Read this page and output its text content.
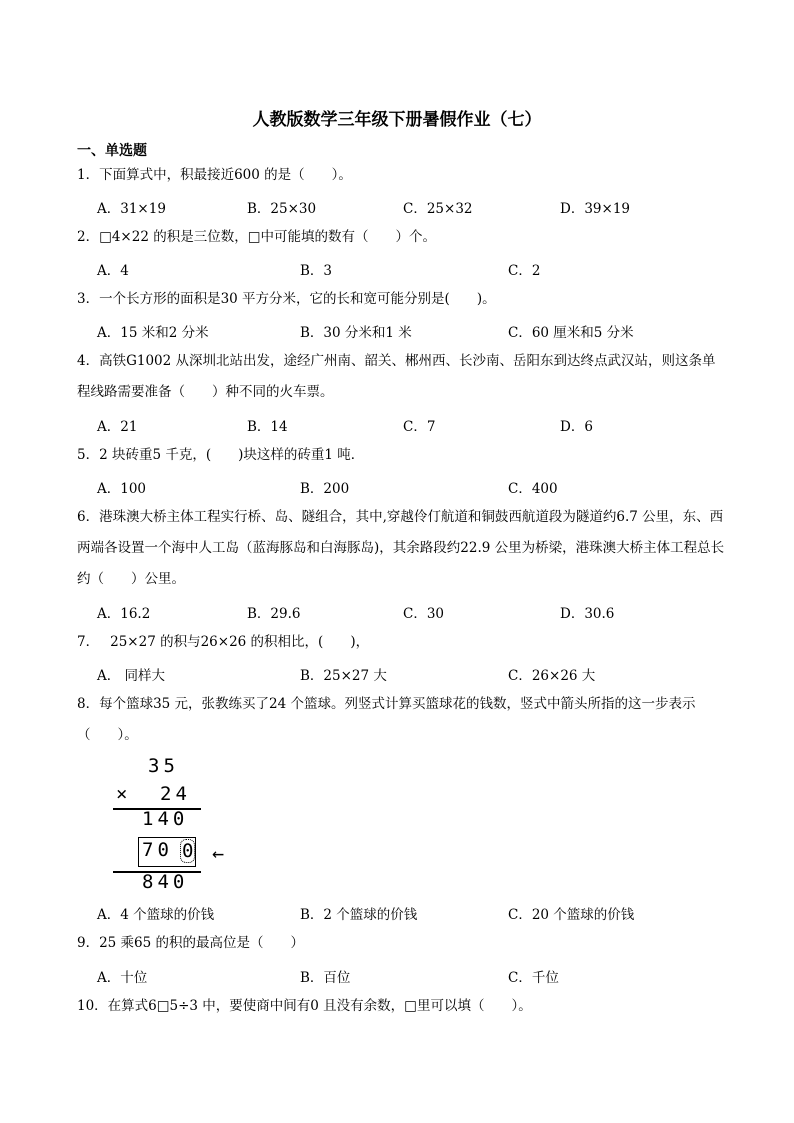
人教版数学三年级下册暑假作业（七）
一、单选题
1．下面算式中，积最接近600 的是（　　）。
A．31×19	B．25×30	C．25×32	D．39×19
2．□4×22 的积是三位数，□中可能填的数有（　　）个。
A．4	B．3	C．2
3．一个长方形的面积是30 平方分米，它的长和宽可能分别是(　　)。
A．15 米和2 分米	B．30 分米和1 米	C．60 厘米和5 分米
4．高铁G1002 从深圳北站出发，途经广州南、韶关、郴州西、长沙南、岳阳东到达终点武汉站，则这条单程线路需要准备（　　）种不同的火车票。
A．21	B．14	C．7	D．6
5．2 块砖重5 千克，(　　)块这样的砖重1 吨．
A．100	B．200	C．400
6．港珠澳大桥主体工程实行桥、岛、隧组合，其中,穿越伶仃航道和铜鼓西航道段为隧道约6.7 公里，东、西两端各设置一个海中人工岛（蓝海豚岛和白海豚岛)，其余路段约22.9 公里为桥梁，港珠澳大桥主体工程总长约（　　）公里。
A．16.2	B．29.6	C．30	D．30.6
7．　 25×27 的积与26×26 的积相比，(　　)，
A． 同样大	B．25×27 大	C．26×26 大
8．每个篮球35 元，张教练买了24 个篮球。列竖式计算买篮球花的钱数，竖式中箭头所指的这一步表示（　　）。
35
× 24
140
70 0 ←
840
A．4 个篮球的价钱	B．2 个篮球的价钱	C．20 个篮球的价钱
9．25 乘65 的积的最高位是（　　）
A．十位	B．百位	C．千位
10．在算式6□5÷3 中，要使商中间有0 且没有余数，□里可以填（　　）。
